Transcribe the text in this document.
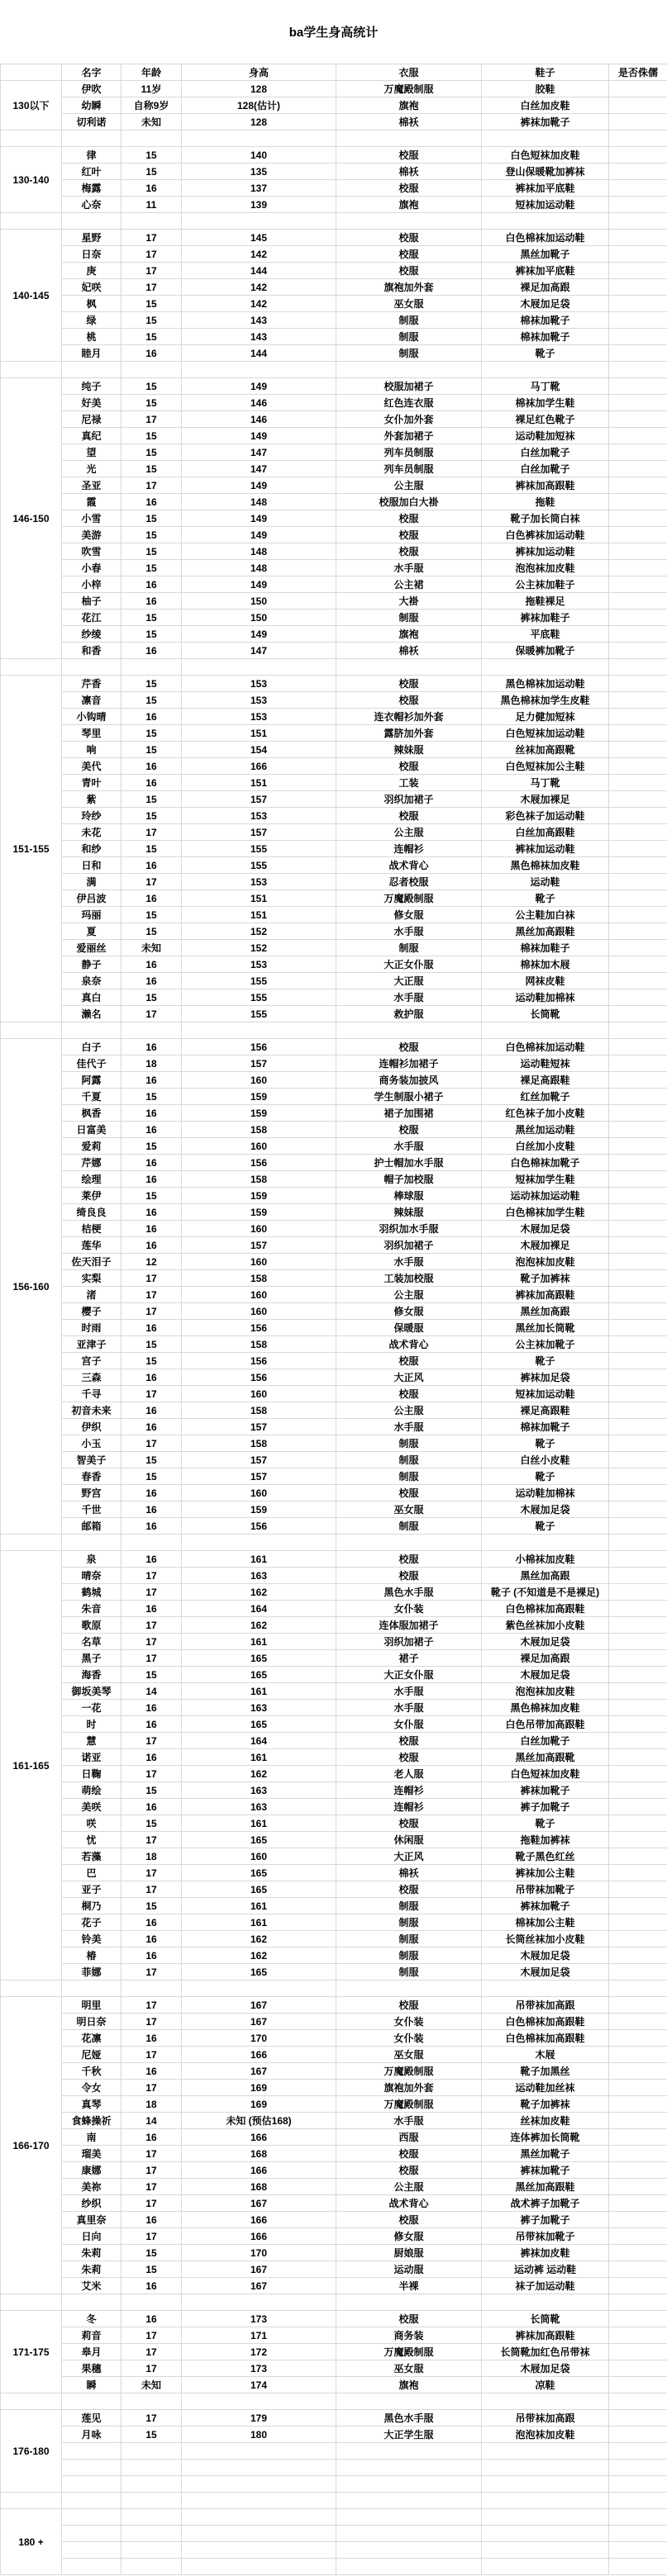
ba学生身高统计
	名字	年龄	身高	衣服	鞋子	是否侏儒
130以下	伊吹	11岁	128	万魔殿制服	胶鞋	
	幼瞬	自称9岁	128(估计)	旗袍	白丝加皮鞋	
	切利诺	未知	128	棉袄	裤袜加靴子	

130-140	律	15	140	校服	白色短袜加皮鞋	
	红叶	15	135	棉袄	登山保暖靴加裤袜	
	梅露	16	137	校服	裤袜加平底鞋	
	心奈	11	139	旗袍	短袜加运动鞋	

140-145	星野	17	145	校服	白色棉袜加运动鞋	
	日奈	17	142	校服	黑丝加靴子	
	庚	17	144	校服	裤袜加平底鞋	
	妃咲	17	142	旗袍加外套	裸足加高跟	
	枫	15	142	巫女服	木屐加足袋	
	绿	15	143	制服	棉袜加靴子	
	桃	15	143	制服	棉袜加靴子	
	睦月	16	144	制服	靴子	

146-150	纯子	15	149	校服加裙子	马丁靴	
	好美	15	146	红色连衣服	棉袜加学生鞋	
	尼禄	17	146	女仆加外套	裸足红色靴子	
	真纪	15	149	外套加裙子	运动鞋加短袜	
	望	15	147	列车员制服	白丝加靴子	
	光	15	147	列车员制服	白丝加靴子	
	圣亚	17	149	公主服	裤袜加高跟鞋	
	霞	16	148	校服加白大褂	拖鞋	
	小雪	15	149	校服	靴子加长筒白袜	
	美游	15	149	校服	白色裤袜加运动鞋	
	吹雪	15	148	校服	裤袜加运动鞋	
	小春	15	148	水手服	泡泡袜加皮鞋	
	小梓	16	149	公主裙	公主袜加鞋子	
	柚子	16	150	大褂	拖鞋裸足	
	花江	15	150	制服	裤袜加鞋子	
	纱绫	15	149	旗袍	平底鞋	
	和香	16	147	棉袄	保暖裤加靴子	

151-155	芹香	15	153	校服	黑色棉袜加运动鞋	
	凛音	15	153	校服	黑色棉袜加学生皮鞋	
	小钩晴	16	153	连衣帽衫加外套	足力健加短袜	
	琴里	15	151	露脐加外套	白色短袜加运动鞋	
	响	15	154	辣妹服	丝袜加高跟靴	
	美代	16	166	校服	白色短袜加公主鞋	
	青叶	16	151	工装	马丁靴	
	紫	15	157	羽织加裙子	木屐加裸足	
	玲纱	15	153	校服	彩色袜子加运动鞋	
	未花	17	157	公主服	白丝加高跟鞋	
	和纱	15	155	连帽衫	裤袜加运动鞋	
	日和	16	155	战术背心	黑色棉袜加皮鞋	
	满	17	153	忍者校服	运动鞋	
	伊吕波	16	151	万魔殿制服	靴子	
	玛丽	15	151	修女服	公主鞋加白袜	
	夏	15	152	水手服	黑丝加高跟鞋	
	爱丽丝	未知	152	制服	棉袜加鞋子	
	静子	16	153	大正女仆服	棉袜加木屐	
	泉奈	16	155	大正服	网袜皮鞋	
	真白	15	155	水手服	运动鞋加棉袜	
	濑名	17	155	救护服	长筒靴	

156-160	白子	16	156	校服	白色棉袜加运动鞋	
	佳代子	18	157	连帽衫加裙子	运动鞋短袜	
	阿露	16	160	商务装加披风	裸足高跟鞋	
	千夏	15	159	学生制服小裙子	红丝加靴子	
	枫香	16	159	裙子加围裙	红色袜子加小皮鞋	
	日富美	16	158	校服	黑丝加运动鞋	
	爱莉	15	160	水手服	白丝加小皮鞋	
	芹娜	16	156	护士帽加水手服	白色棉袜加靴子	
	绘理	16	158	帽子加校服	短袜加学生鞋	
	莱伊	15	159	棒球服	运动袜加运动鞋	
	绮良良	16	159	辣妹服	白色棉袜加学生鞋	
	桔梗	16	160	羽织加水手服	木屐加足袋	
	莲华	16	157	羽织加裙子	木屐加裸足	
	佐天泪子	12	160	水手服	泡泡袜加皮鞋	
	实梨	17	158	工装加校服	靴子加裤袜	
	渚	17	160	公主服	裤袜加高跟鞋	
	樱子	17	160	修女服	黑丝加高跟	
	时雨	16	156	保暖服	黑丝加长筒靴	
	亚津子	15	158	战术背心	公主袜加靴子	
	宫子	15	156	校服	靴子	
	三森	16	156	大正风	裤袜加足袋	
	千寻	17	160	校服	短袜加运动鞋	
	初音未来	16	158	公主服	裸足高跟鞋	
	伊织	16	157	水手服	棉袜加靴子	
	小玉	17	158	制服	靴子	
	智美子	15	157	制服	白丝小皮鞋	
	春香	15	157	制服	靴子	
	野宫	16	160	校服	运动鞋加棉袜	
	千世	16	159	巫女服	木屐加足袋	
	邮箱	16	156	制服	靴子	

161-165	泉	16	161	校服	小棉袜加皮鞋	
	晴奈	17	163	校服	黑丝加高跟	
	鹤城	17	162	黑色水手服	靴子 (不知道是不是裸足)	
	朱音	16	164	女仆装	白色棉袜加高跟鞋	
	歌原	17	162	连体服加裙子	紫色丝袜加小皮鞋	
	名草	17	161	羽织加裙子	木屐加足袋	
	黑子	17	165	裙子	裸足加高跟	
	海香	15	165	大正女仆服	木屐加足袋	
	御坂美琴	14	161	水手服	泡泡袜加皮鞋	
	一花	16	163	水手服	黑色棉袜加皮鞋	
	时	16	165	女仆服	白色吊带加高跟鞋	
	慧	17	164	校服	白丝加靴子	
	诺亚	16	161	校服	黑丝加高跟靴	
	日鞠	17	162	老人服	白色短袜加皮鞋	
	萌绘	15	163	连帽衫	裤袜加靴子	
	美咲	16	163	连帽衫	裤子加靴子	
	咲	15	161	校服	靴子	
	忧	17	165	休闲服	拖鞋加裤袜	
	若藻	18	160	大正风	靴子黑色红丝	
	巴	17	165	棉袄	裤袜加公主鞋	
	亚子	17	165	校服	吊带袜加靴子	
	桐乃	15	161	制服	裤袜加靴子	
	花子	16	161	制服	棉袜加公主鞋	
	铃美	16	162	制服	长筒丝袜加小皮鞋	
	椿	16	162	制服	木屐加足袋	
	菲娜	17	165	制服	木屐加足袋	

166-170	明里	17	167	校服	吊带袜加高跟	
	明日奈	17	167	女仆装	白色棉袜加高跟鞋	
	花凛	16	170	女仆装	白色棉袜加高跟鞋	
	尼娅	17	166	巫女服	木屐	
	千秋	16	167	万魔殿制服	靴子加黑丝	
	令女	17	169	旗袍加外套	运动鞋加丝袜	
	真琴	18	169	万魔殿制服	靴子加裤袜	
	食蜂操祈	14	未知 (预估168)	水手服	丝袜加皮鞋	
	南	16	166	西服	连体裤加长筒靴	
	瑠美	17	168	校服	黑丝加靴子	
	康娜	17	166	校服	裤袜加靴子	
	美祢	17	168	公主服	黑丝加高跟鞋	
	纱织	17	167	战术背心	战术裤子加靴子	
	真里奈	16	166	校服	裤子加靴子	
	日向	17	166	修女服	吊带袜加靴子	
	朱莉	15	170	厨娘服	裤袜加皮鞋	
	朱莉	15	167	运动服	运动裤 运动鞋	
	艾米	16	167	半裸	袜子加运动鞋	

171-175	冬	16	173	校服	长筒靴	
	莉音	17	171	商务装	裤袜加高跟鞋	
	皋月	17	172	万魔殿制服	长筒靴加红色吊带袜	
	果穗	17	173	巫女服	木屐加足袋	
	瞬	未知	174	旗袍	凉鞋	

176-180	莲见	17	179	黑色水手服	吊带袜加高跟	
	月咏	15	180	大正学生服	泡泡袜加皮鞋	

180 +						
